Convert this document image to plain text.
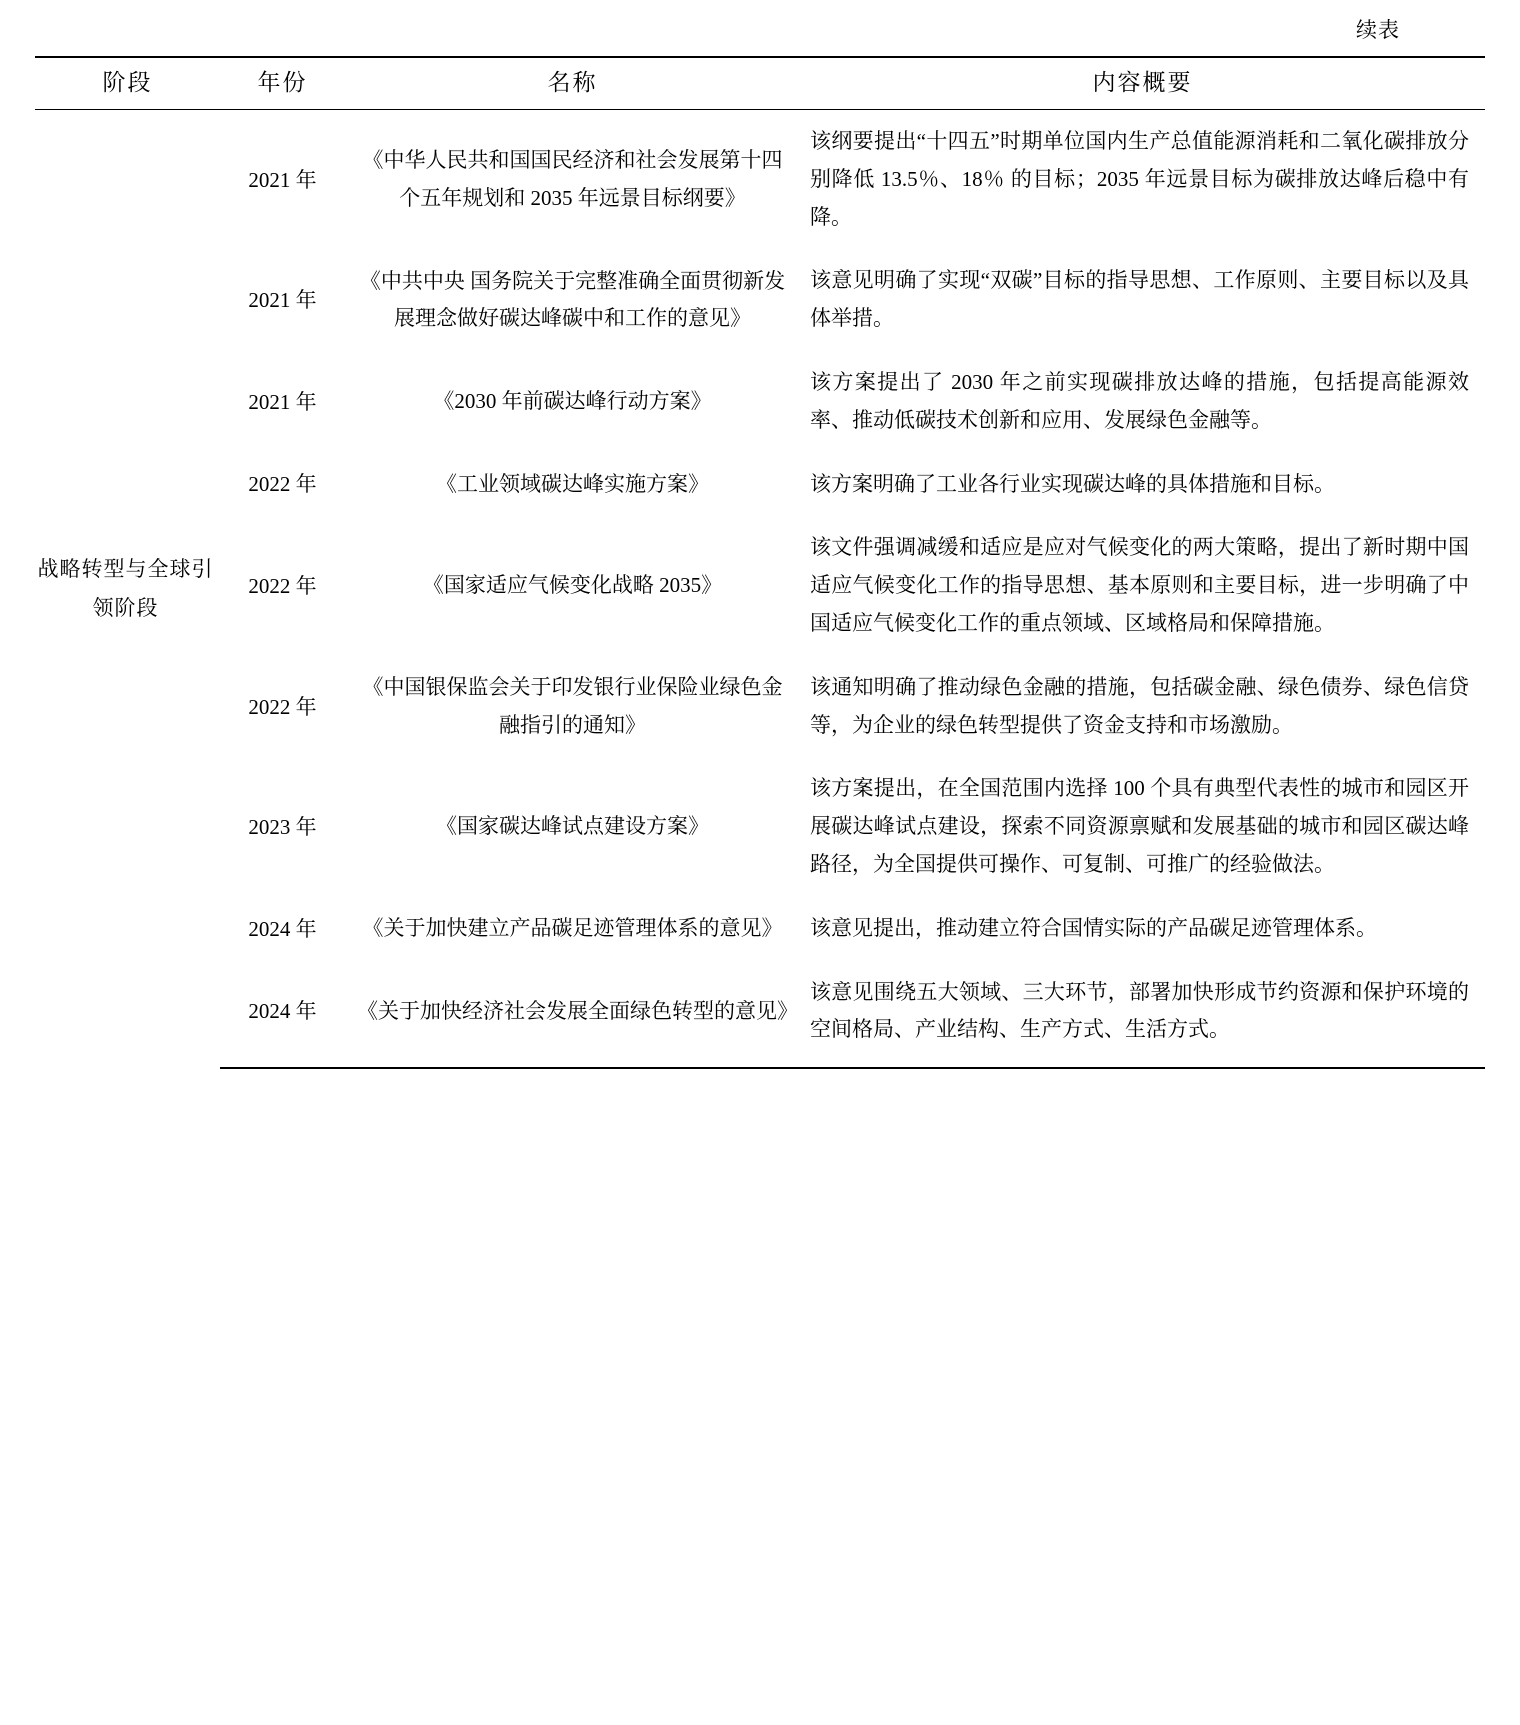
续表
阶段	年份	名称	内容概要
战略转型与全球引领阶段	2021 年	《中华人民共和国国民经济和社会发展第十四个五年规划和 2035 年远景目标纲要》	该纲要提出“十四五”时期单位国内生产总值能源消耗和二氧化碳排放分别降低 13.5％、18％ 的目标；2035 年远景目标为碳排放达峰后稳中有降。
	2021 年	《中共中央 国务院关于完整准确全面贯彻新发展理念做好碳达峰碳中和工作的意见》	该意见明确了实现“双碳”目标的指导思想、工作原则、主要目标以及具体举措。
	2021 年	《2030 年前碳达峰行动方案》	该方案提出了 2030 年之前实现碳排放达峰的措施，包括提高能源效率、推动低碳技术创新和应用、发展绿色金融等。
	2022 年	《工业领域碳达峰实施方案》	该方案明确了工业各行业实现碳达峰的具体措施和目标。
	2022 年	《国家适应气候变化战略 2035》	该文件强调减缓和适应是应对气候变化的两大策略，提出了新时期中国适应气候变化工作的指导思想、基本原则和主要目标，进一步明确了中国适应气候变化工作的重点领域、区域格局和保障措施。
	2022 年	《中国银保监会关于印发银行业保险业绿色金融指引的通知》	该通知明确了推动绿色金融的措施，包括碳金融、绿色债券、绿色信贷等，为企业的绿色转型提供了资金支持和市场激励。
	2023 年	《国家碳达峰试点建设方案》	该方案提出，在全国范围内选择 100 个具有典型代表性的城市和园区开展碳达峰试点建设，探索不同资源禀赋和发展基础的城市和园区碳达峰路径，为全国提供可操作、可复制、可推广的经验做法。
	2024 年	《关于加快建立产品碳足迹管理体系的意见》	该意见提出，推动建立符合国情实际的产品碳足迹管理体系。
	2024 年	《关于加快经济社会发展全面绿色转型的意见》	该意见围绕五大领域、三大环节，部署加快形成节约资源和保护环境的空间格局、产业结构、生产方式、生活方式。
